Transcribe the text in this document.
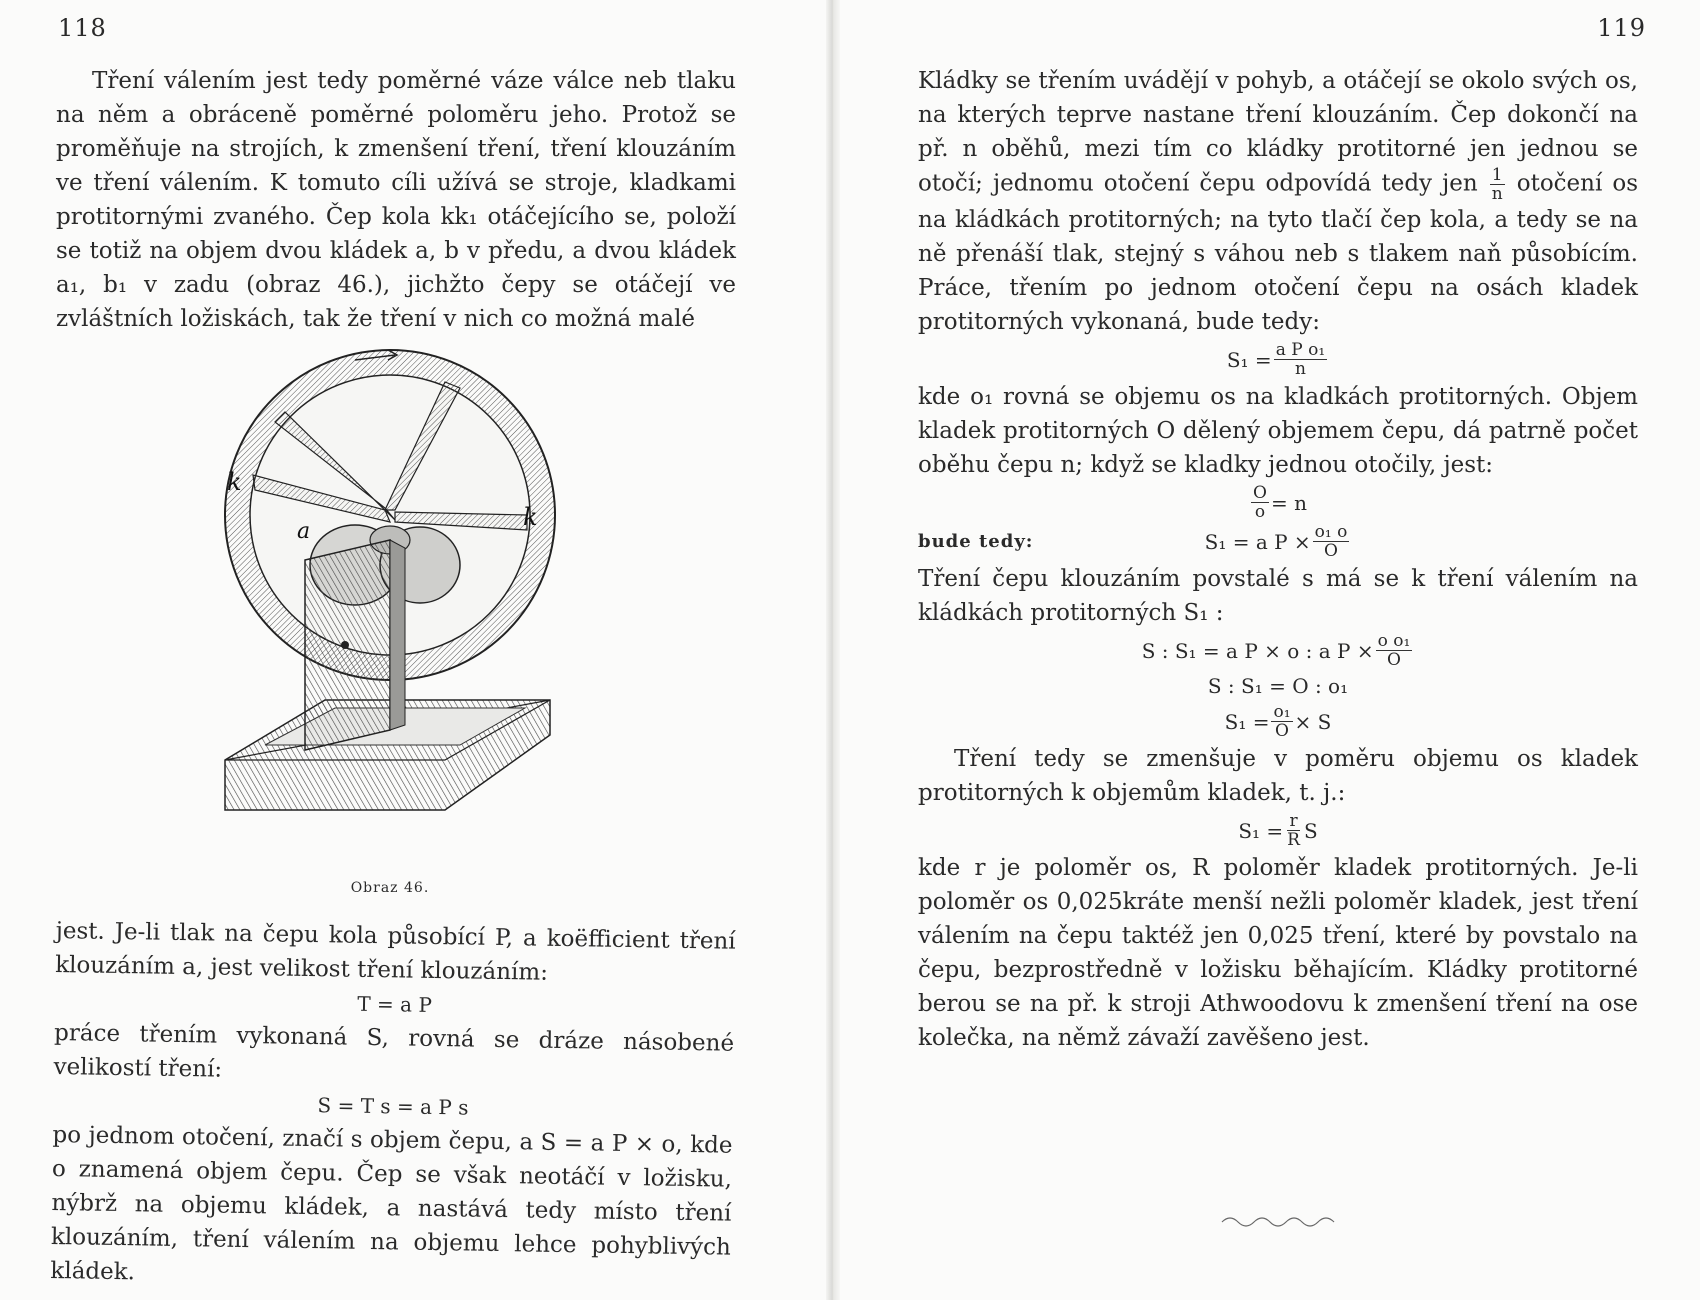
118

Tření válením jest tedy poměrné váze válce neb tlaku na něm a obráceně poměrné poloměru jeho. Protož se proměňuje na strojích, k zmenšení tření, tření klouzáním ve tření válením. K tomuto cíli užívá se stroje, kladkami protitornými zvaného. Čep kola kk₁ otáčejícího se, položí se totiž na objem dvou kládek a, b v předu, a dvou kládek a₁, b₁ v zadu (obraz 46.), jichžto čepy se otáčejí ve zvláštních ložiskách, tak že tření v nich co možná malé

k
k
a
Obraz 46.

jest. Je-li tlak na čepu kola působící P, a koëfficient tření klouzáním a, jest velikost tření klouzáním:

T = a P

práce třením vykonaná S, rovná se dráze násobené velikostí tření:

S = T s = a P s

po jednom otočení, značí s objem čepu, a S = a P × o, kde o znamená objem čepu. Čep se však neotáčí v ložisku, nýbrž na objemu kládek, a nastává tedy místo tření klouzáním, tření válením na objemu lehce pohyblivých kládek.

119

Kládky se třením uvádějí v pohyb, a otáčejí se okolo svých os, na kterých teprve nastane tření klouzáním. Čep dokončí na př. n oběhů, mezi tím co kládky protitorné jen jednou se otočí; jednomu otočení čepu odpovídá tedy jen $\frac{1}{n}$ otočení os na kládkách protitorných; na tyto tlačí čep kola, a tedy se na ně přenáší tlak, stejný s váhou neb s tlakem naň působícím. Práce, třením po jednom otočení čepu na osách kladek protitorných vykonaná, bude tedy:

$S_1 = \frac{\text{a P o₁}}{n}$

kde o₁ rovná se objemu os na kladkách protitorných. Objem kladek protitorných O dělený objemem čepu, dá patrně počet oběhu čepu n; když se kladky jednou otočily, jest:

$\frac{O}{o} = n$
bude tedy:	S₁ = a $P \times \frac{\text{o₁ o}}{O}$

Tření čepu klouzáním povstalé s má se k tření válením na kládkách protitorných S₁ :

S : S₁ = a P × o : a $P \times \frac{\text{o o₁}}{O}$
S : S₁ = O : o₁
$S_1 = \frac{\text{o₁}}{O} \times S$

Tření tedy se zmenšuje v poměru objemu os kladek protitorných k objemům kladek, t. j.:

$S_1 = \frac{r}{R}$ S

kde r je poloměr os, R poloměr kladek protitorných. Je-li poloměr os 0,025kráte menší nežli poloměr kladek, jest tření válením na čepu taktéž jen 0,025 tření, které by povstalo na čepu, bezprostředně v ložisku běhajícím. Kládky protitorné berou se na př. k stroji Athwoodovu k zmenšení tření na ose kolečka, na němž závaží zavěšeno jest.
